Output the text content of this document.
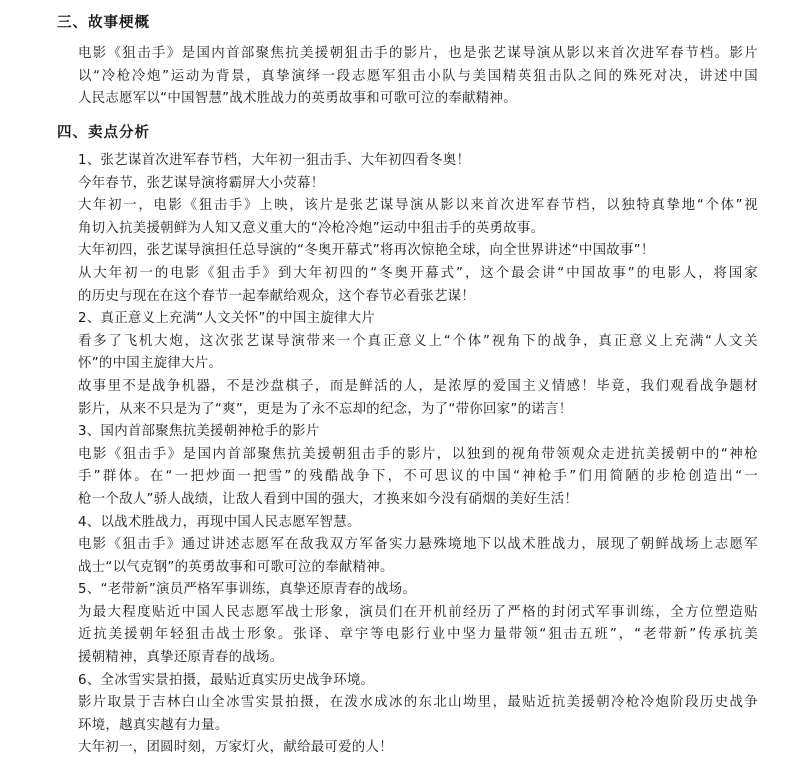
三、故事梗概
电影《狙击手》是国内首部聚焦抗美援朝狙击手的影片，也是张艺谋导演从影以来首次进军春节档。影片
以“冷枪冷炮”运动为背景，真挚演绎一段志愿军狙击小队与美国精英狙击队之间的殊死对决，讲述中国
人民志愿军以“中国智慧”战术胜战力的英勇故事和可歌可泣的奉献精神。
四、卖点分析
1、张艺谋首次进军春节档，大年初一狙击手、大年初四看冬奥！
今年春节，张艺谋导演将霸屏大小荧幕！
大年初一，电影《狙击手》上映，该片是张艺谋导演从影以来首次进军春节档，以独特真挚地“个体”视
角切入抗美援朝鲜为人知又意义重大的“冷枪冷炮”运动中狙击手的英勇故事。
大年初四，张艺谋导演担任总导演的“冬奥开幕式”将再次惊艳全球，向全世界讲述“中国故事”！
从大年初一的电影《狙击手》到大年初四的“冬奥开幕式”，这个最会讲“中国故事”的电影人，将国家
的历史与现在在这个春节一起奉献给观众，这个春节必看张艺谋！
2、真正意义上充满“人文关怀”的中国主旋律大片
看多了飞机大炮，这次张艺谋导演带来一个真正意义上“个体”视角下的战争，真正意义上充满“人文关
怀”的中国主旋律大片。
故事里不是战争机器，不是沙盘棋子，而是鲜活的人，是浓厚的爱国主义情感！毕竟，我们观看战争题材
影片，从来不只是为了“爽”，更是为了永不忘却的纪念，为了“带你回家”的诺言！
3、国内首部聚焦抗美援朝神枪手的影片
电影《狙击手》是国内首部聚焦抗美援朝狙击手的影片，以独到的视角带领观众走进抗美援朝中的“神枪
手”群体。在“一把炒面一把雪”的残酷战争下，不可思议的中国“神枪手”们用简陋的步枪创造出“一
枪一个敌人”骄人战绩，让敌人看到中国的强大，才换来如今没有硝烟的美好生活！
4、以战术胜战力，再现中国人民志愿军智慧。
电影《狙击手》通过讲述志愿军在敌我双方军备实力悬殊境地下以战术胜战力，展现了朝鲜战场上志愿军
战士“以气克钢”的英勇故事和可歌可泣的奉献精神。
5、“老带新”演员严格军事训练，真挚还原青春的战场。
为最大程度贴近中国人民志愿军战士形象，演员们在开机前经历了严格的封闭式军事训练，全方位塑造贴
近抗美援朝年轻狙击战士形象。张译、章宇等电影行业中坚力量带领“狙击五班”，“老带新”传承抗美
援朝精神，真挚还原青春的战场。
6、全冰雪实景拍摄，最贴近真实历史战争环境。
影片取景于吉林白山全冰雪实景拍摄，在泼水成冰的东北山坳里，最贴近抗美援朝冷枪冷炮阶段历史战争
环境，越真实越有力量。
大年初一，团圆时刻，万家灯火，献给最可爱的人！
